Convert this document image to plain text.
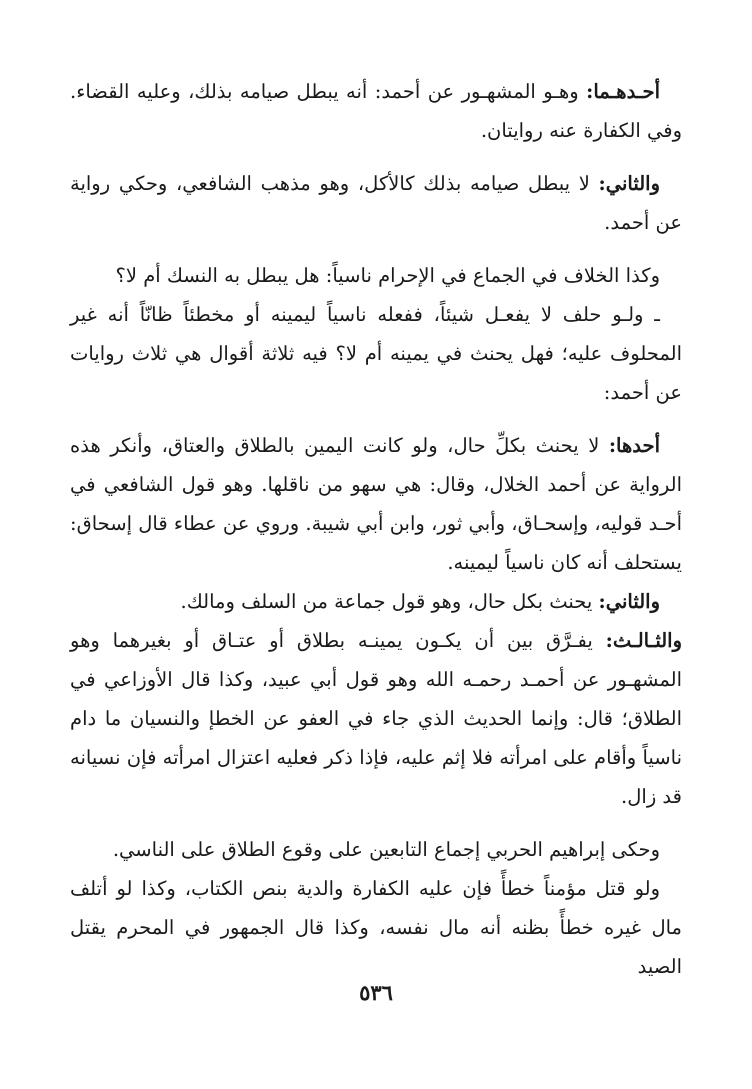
أحـدهـما: وهـو المشهـور عن أحمد: أنه يبطل صيامه بذلك، وعليه القضاء. وفي الكفارة عنه روايتان.

والثاني: لا يبطل صيامه بذلك كالأكل، وهو مذهب الشافعي، وحكي رواية عن أحمد.

وكذا الخلاف في الجماع في الإحرام ناسياً: هل يبطل به النسك أم لا؟

ـ ولـو حلف لا يفعـل شيئاً، ففعله ناسياً ليمينه أو مخطئاً ظانّاً أنه غير المحلوف عليه؛ فهل يحنث في يمينه أم لا؟ فيه ثلاثة أقوال هي ثلاث روايات عن أحمد:

أحدها: لا يحنث بكلِّ حال، ولو كانت اليمين بالطلاق والعتاق، وأنكر هذه الرواية عن أحمد الخلال، وقال: هي سهو من ناقلها. وهو قول الشافعي في أحـد قوليه، وإسحـاق، وأبي ثور، وابن أبي شيبة. وروي عن عطاء قال إسحاق: يستحلف أنه كان ناسياً ليمينه.

والثاني: يحنث بكل حال، وهو قول جماعة من السلف ومالك.

والثـالـث: يفـرَّق بين أن يكـون يمينـه بطلاق أو عتـاق أو بغيرهما وهو المشهـور عن أحمـد رحمـه الله وهو قول أبي عبيد، وكذا قال الأوزاعي في الطلاق؛ قال: وإنما الحديث الذي جاء في العفو عن الخطإ والنسيان ما دام ناسياً وأقام على امرأته فلا إثم عليه، فإذا ذكر فعليه اعتزال امرأته فإن نسيانه قد زال.

وحكى إبراهيم الحربي إجماع التابعين على وقوع الطلاق على الناسي.

ولو قتل مؤمناً خطأً فإن عليه الكفارة والدية بنص الكتاب، وكذا لو أتلف مال غيره خطأً بظنه أنه مال نفسه، وكذا قال الجمهور في المحرم يقتل الصيد

٥٣٦
